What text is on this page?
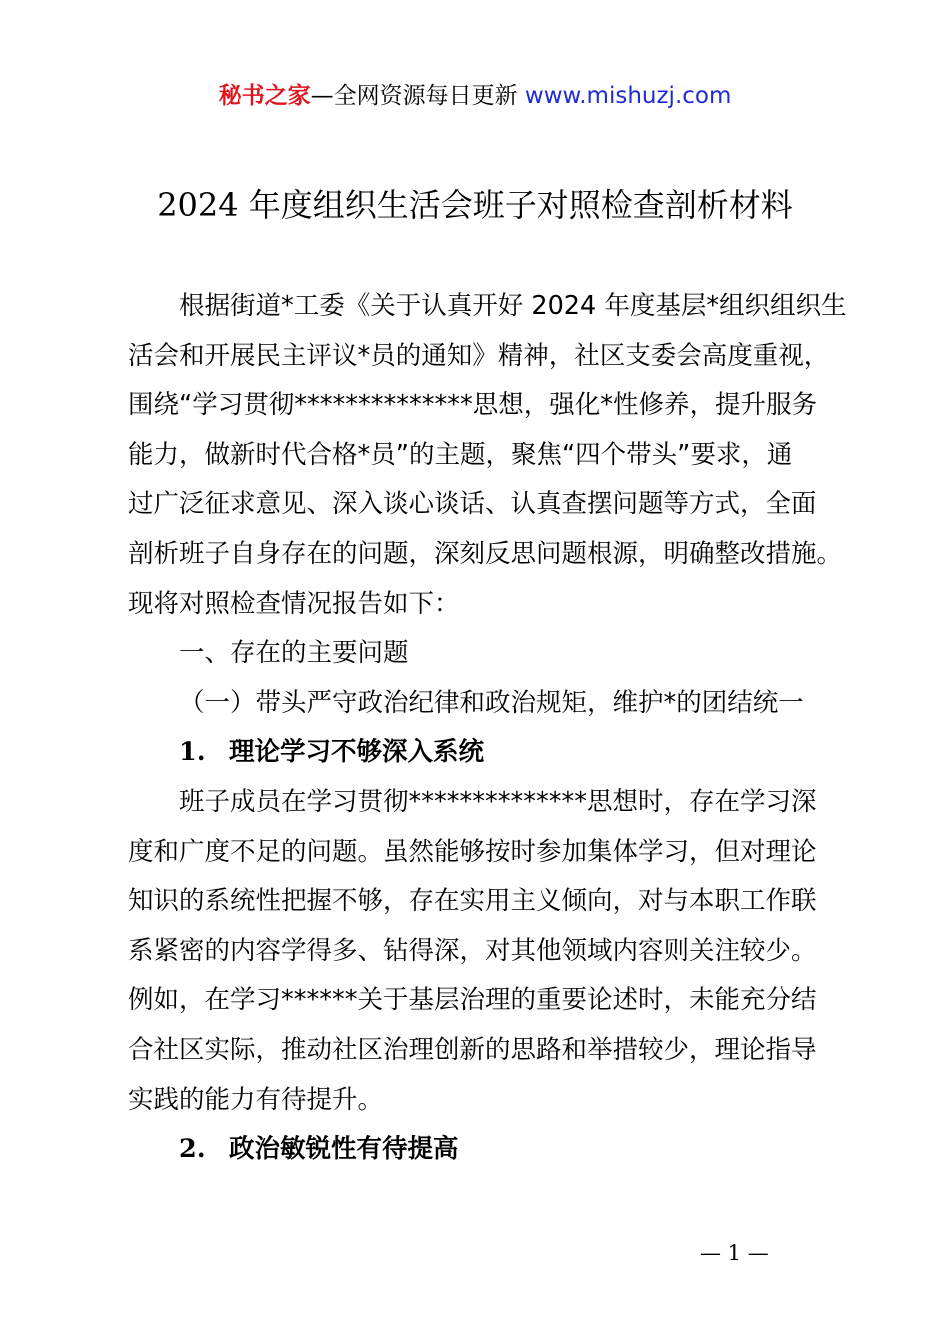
秘书之家—全网资源每日更新 www.mishuzj.com
2024 年度组织生活会班子对照检查剖析材料
根据街道*工委《关于认真开好 2024 年度基层*组织组织生
活会和开展民主评议*员的通知》精神，社区支委会高度重视，
围绕“学习贯彻**************思想，强化*性修养，提升服务
能力，做新时代合格*员”的主题，聚焦“四个带头”要求，通
过广泛征求意见、深入谈心谈话、认真查摆问题等方式，全面
剖析班子自身存在的问题，深刻反思问题根源，明确整改措施。
现将对照检查情况报告如下：
一、存在的主要问题
（一）带头严守政治纪律和政治规矩，维护*的团结统一
1. 理论学习不够深入系统
班子成员在学习贯彻**************思想时，存在学习深
度和广度不足的问题。虽然能够按时参加集体学习，但对理论
知识的系统性把握不够，存在实用主义倾向，对与本职工作联
系紧密的内容学得多、钻得深，对其他领域内容则关注较少。
例如，在学习******关于基层治理的重要论述时，未能充分结
合社区实际，推动社区治理创新的思路和举措较少，理论指导
实践的能力有待提升。
2. 政治敏锐性有待提高
— 1 —
